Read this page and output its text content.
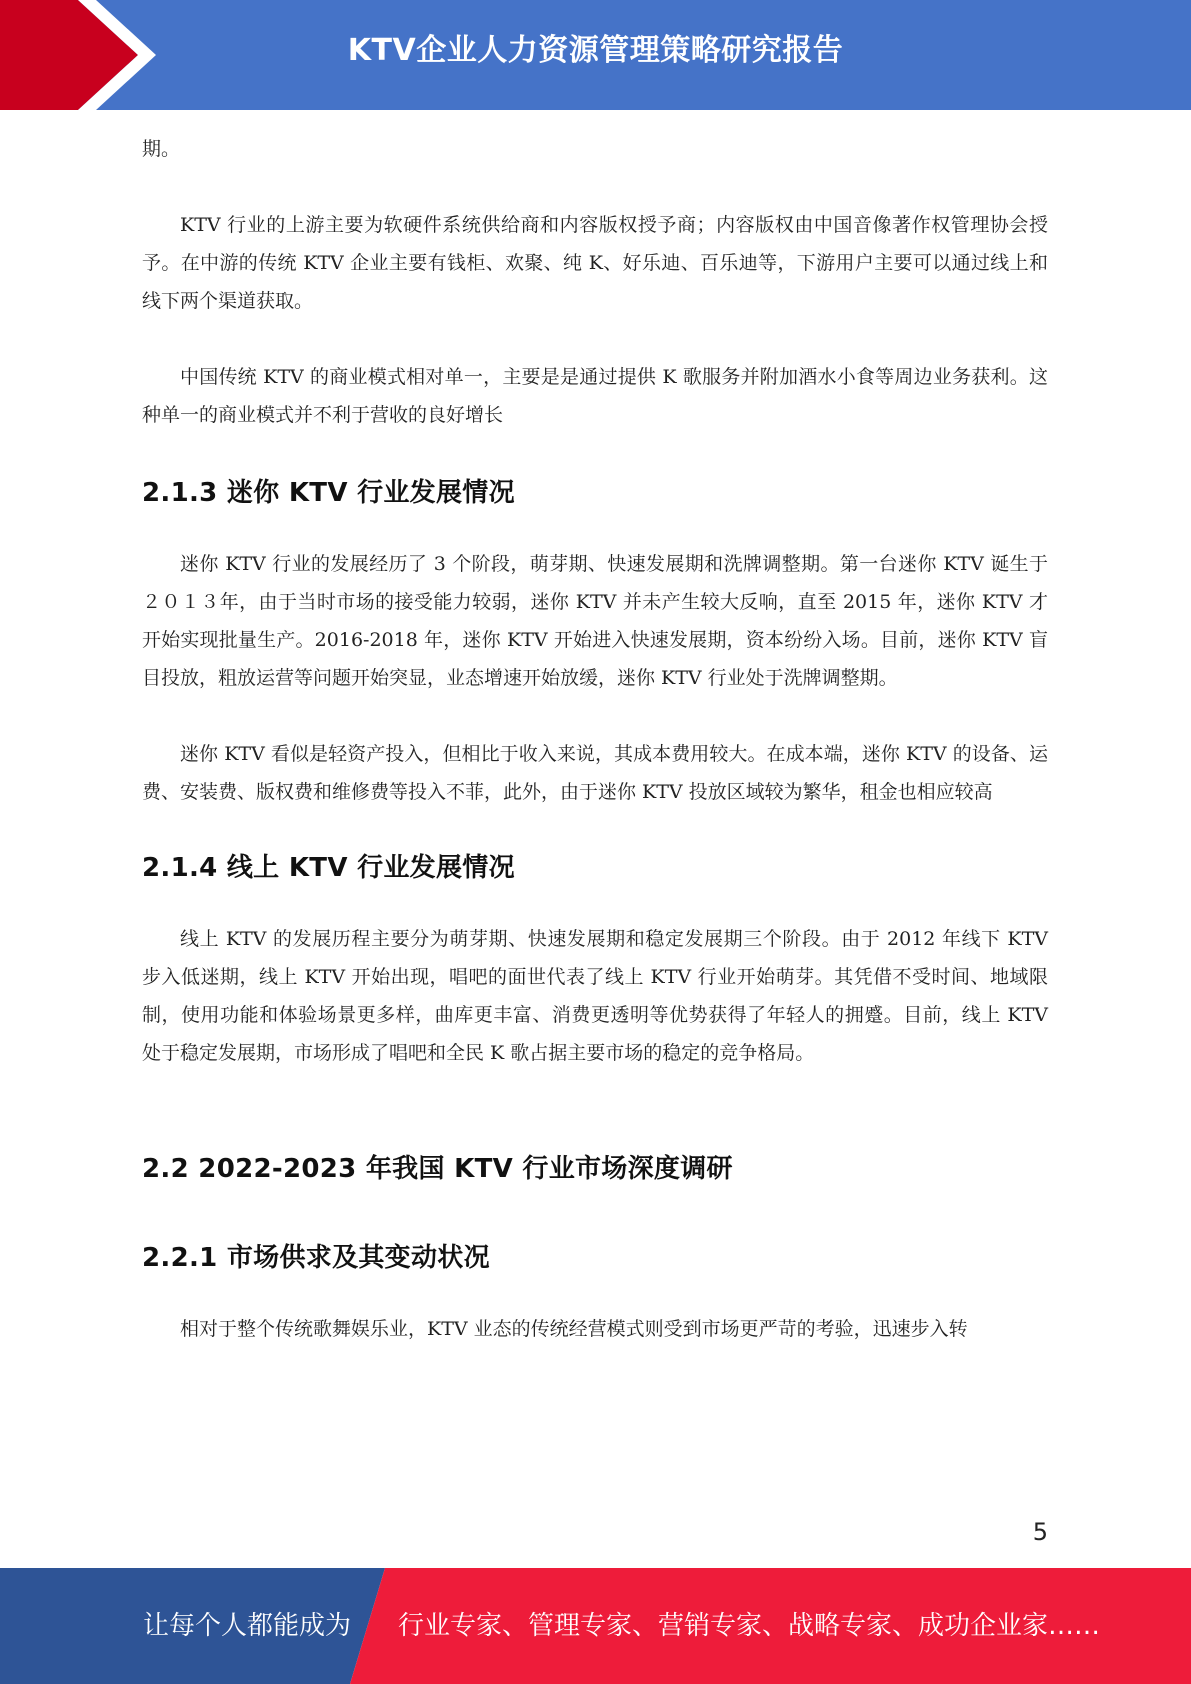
KTV企业人力资源管理策略研究报告

期。

KTV 行业的上游主要为软硬件系统供给商和内容版权授予商；内容版权由中国音像著作权管理协会授予。在中游的传统 KTV 企业主要有钱柜、欢聚、纯 K、好乐迪、百乐迪等，下游用户主要可以通过线上和线下两个渠道获取。

中国传统 KTV 的商业模式相对单一，主要是是通过提供 K 歌服务并附加酒水小食等周边业务获利。这种单一的商业模式并不利于营收的良好增长

2.1.3 迷你 KTV 行业发展情况

迷你 KTV 行业的发展经历了 3 个阶段，萌芽期、快速发展期和洗牌调整期。第一台迷你 KTV 诞生于２０１３年，由于当时市场的接受能力较弱，迷你 KTV 并未产生较大反响，直至 2015 年，迷你 KTV 才开始实现批量生产。2016-2018 年，迷你 KTV 开始进入快速发展期，资本纷纷入场。目前，迷你 KTV 盲目投放，粗放运营等问题开始突显，业态增速开始放缓，迷你 KTV 行业处于洗牌调整期。

迷你 KTV 看似是轻资产投入，但相比于收入来说，其成本费用较大。在成本端，迷你 KTV 的设备、运费、安装费、版权费和维修费等投入不菲，此外，由于迷你 KTV 投放区域较为繁华，租金也相应较高

2.1.4 线上 KTV 行业发展情况

线上 KTV 的发展历程主要分为萌芽期、快速发展期和稳定发展期三个阶段。由于 2012 年线下 KTV 步入低迷期，线上 KTV 开始出现，唱吧的面世代表了线上 KTV 行业开始萌芽。其凭借不受时间、地域限制，使用功能和体验场景更多样，曲库更丰富、消费更透明等优势获得了年轻人的拥蹙。目前，线上 KTV 处于稳定发展期，市场形成了唱吧和全民 K 歌占据主要市场的稳定的竞争格局。

2.2 2022-2023 年我国 KTV 行业市场深度调研
2.2.1 市场供求及其变动状况

相对于整个传统歌舞娱乐业，KTV 业态的传统经营模式则受到市场更严苛的考验，迅速步入转

5
让每个人都能成为 行业专家、管理专家、营销专家、战略专家、成功企业家……
